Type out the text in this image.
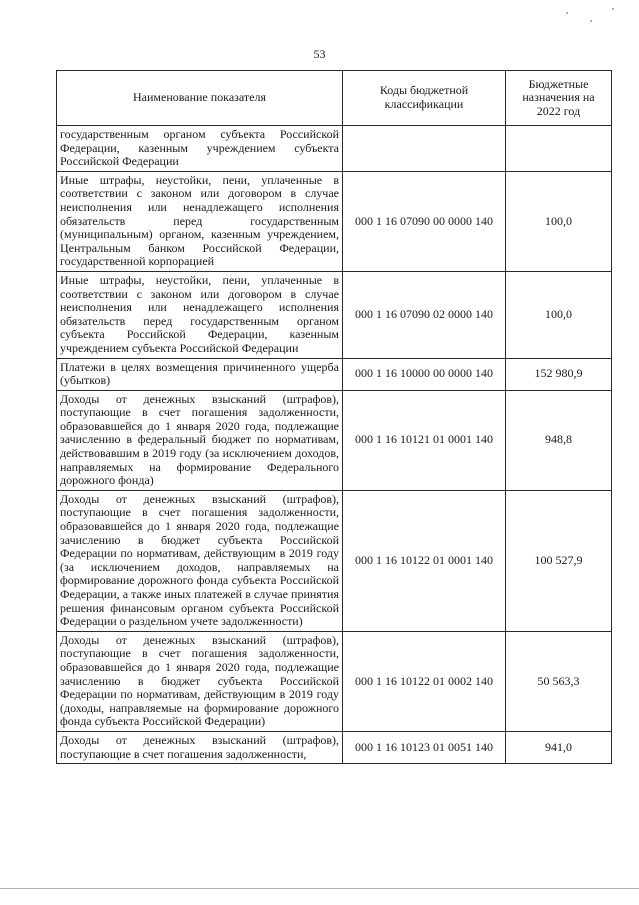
53
Наименование показателя	Коды бюджетной классификации	Бюджетные назначения на 2022 год
государственным органом субъекта Российской Федерации, казенным учреждением субъекта Российской Федерации		
Иные штрафы, неустойки, пени, уплаченные в соответствии с законом или договором в случае неисполнения или ненадлежащего исполнения обязательств перед государственным (муниципальным) органом, казенным учреждением, Центральным банком Российской Федерации, государственной корпорацией	000 1 16 07090 00 0000 140	100,0
Иные штрафы, неустойки, пени, уплаченные в соответствии с законом или договором в случае неисполнения или ненадлежащего исполнения обязательств перед государственным органом субъекта Российской Федерации, казенным учреждением субъекта Российской Федерации	000 1 16 07090 02 0000 140	100,0
Платежи в целях возмещения причиненного ущерба (убытков)	000 1 16 10000 00 0000 140	152 980,9
Доходы от денежных взысканий (штрафов), поступающие в счет погашения задолженности, образовавшейся до 1 января 2020 года, подлежащие зачислению в федеральный бюджет по нормативам, действовавшим в 2019 году (за исключением доходов, направляемых на формирование Федерального дорожного фонда)	000 1 16 10121 01 0001 140	948,8
Доходы от денежных взысканий (штрафов), поступающие в счет погашения задолженности, образовавшейся до 1 января 2020 года, подлежащие зачислению в бюджет субъекта Российской Федерации по нормативам, действующим в 2019 году (за исключением доходов, направляемых на формирование дорожного фонда субъекта Российской Федерации, а также иных платежей в случае принятия решения финансовым органом субъекта Российской Федерации о раздельном учете задолженности)	000 1 16 10122 01 0001 140	100 527,9
Доходы от денежных взысканий (штрафов), поступающие в счет погашения задолженности, образовавшейся до 1 января 2020 года, подлежащие зачислению в бюджет субъекта Российской Федерации по нормативам, действующим в 2019 году (доходы, направляемые на формирование дорожного фонда субъекта Российской Федерации)	000 1 16 10122 01 0002 140	50 563,3
Доходы от денежных взысканий (штрафов), поступающие в счет погашения задолженности,	000 1 16 10123 01 0051 140	941,0
